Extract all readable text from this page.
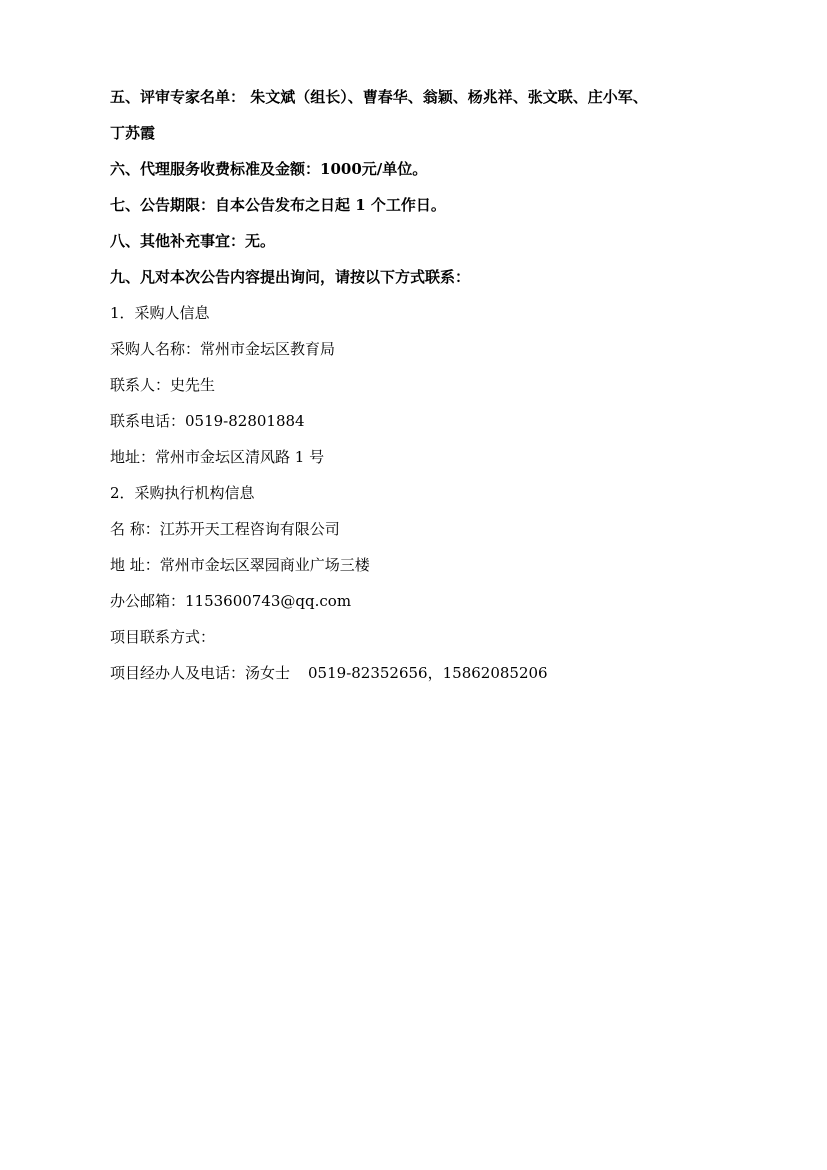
五、评审专家名单： 朱文斌（组长）、曹春华、翁颖、杨兆祥、张文联、庄小军、
丁苏霞
六、代理服务收费标准及金额：1000元/单位。
七、公告期限：自本公告发布之日起 1 个工作日。
八、其他补充事宜：无。
九、凡对本次公告内容提出询问，请按以下方式联系：
1．采购人信息
采购人名称：常州市金坛区教育局
联系人：史先生
联系电话：0519-82801884
地址：常州市金坛区清风路 1 号
2．采购执行机构信息
名 称：江苏开天工程咨询有限公司
地 址：常州市金坛区翠园商业广场三楼
办公邮箱：1153600743@qq.com
项目联系方式：
项目经办人及电话：汤女士 0519-82352656，15862085206
